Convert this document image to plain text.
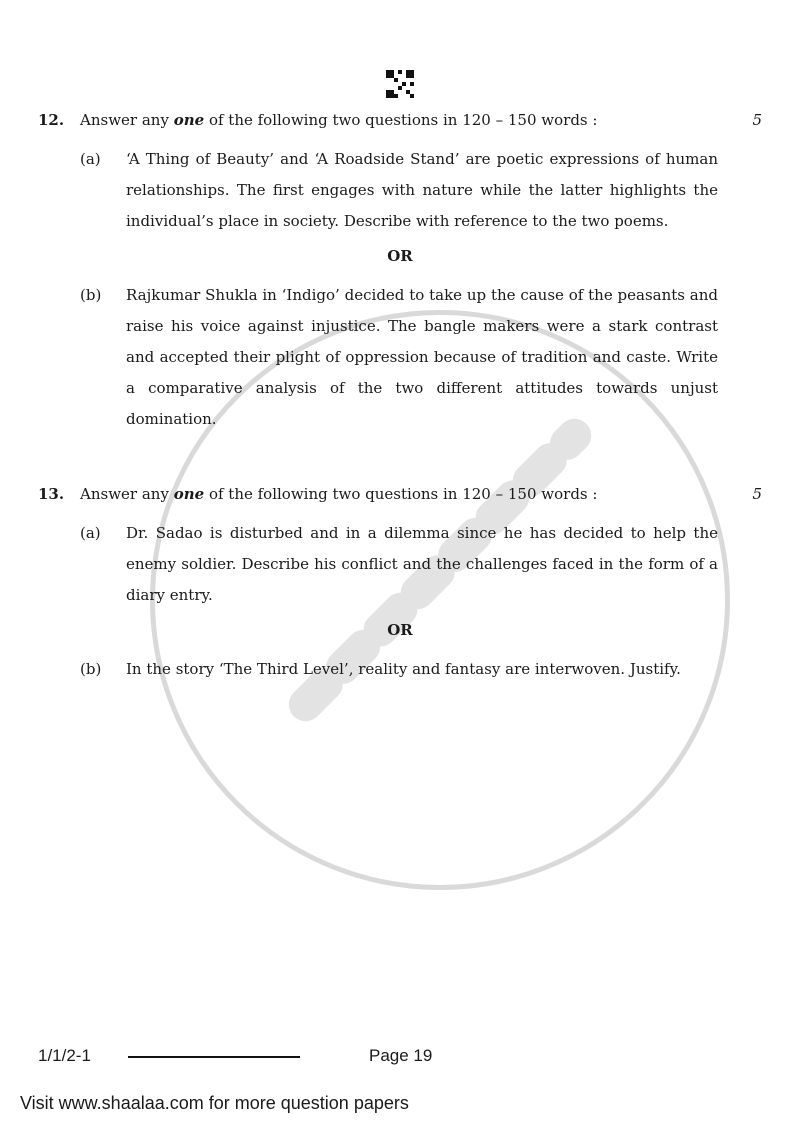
12.	Answer any one of the following two questions in 120 – 150 words :	5
(a)	‘A Thing of Beauty’ and ‘A Roadside Stand’ are poetic expressions of human relationships. The first engages with nature while the latter highlights the individual’s place in society. Describe with reference to the two poems.
OR
(b)	Rajkumar Shukla in ‘Indigo’ decided to take up the cause of the peasants and raise his voice against injustice. The bangle makers were a stark contrast and accepted their plight of oppression because of tradition and caste. Write a comparative analysis of the two different attitudes towards unjust domination.
13.	Answer any one of the following two questions in 120 – 150 words :	5
(a)	Dr. Sadao is disturbed and in a dilemma since he has decided to help the enemy soldier. Describe his conflict and the challenges faced in the form of a diary entry.
OR
(b)	In the story ‘The Third Level’, reality and fantasy are interwoven. Justify.
1/1/2-1	Page 19
Visit www.shaalaa.com for more question papers
